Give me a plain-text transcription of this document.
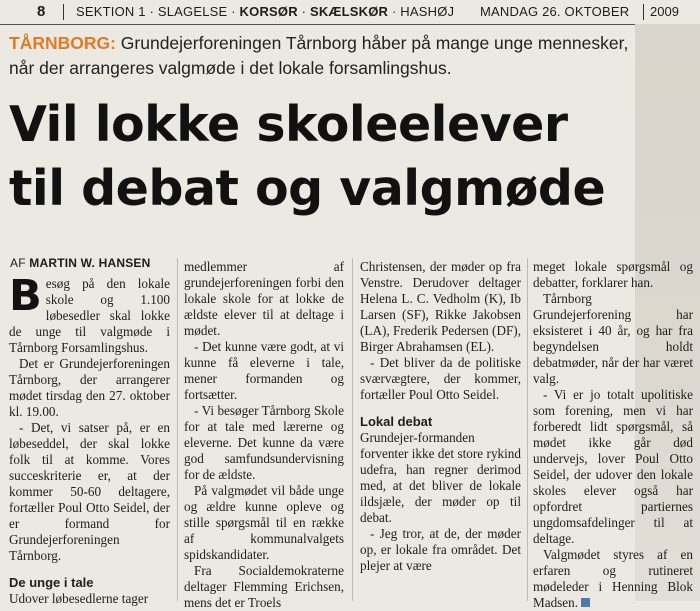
8 SEKTION 1 · SLAGELSE · KORSØR · SKÆLSKØR · HASHØJ MANDAG 26. OKTOBER 2009
TÅRNBORG: Grundejerforeningen Tårnborg håber på mange unge mennesker, når der arrangeres valgmøde i det lokale forsamlingshus.
Vil lokke skoleelever
til debat og valgmøde
AF MARTIN W. HANSEN

Besøg på den lokale skole og 1.100 løbesedler skal lokke de unge til valgmøde i Tårnborg Forsamlingshus.

Det er Grundejerforeningen Tårnborg, der arrangerer mødet tirsdag den 27. oktober kl. 19.00.

- Det, vi satser på, er en løbeseddel, der skal lokke folk til at komme. Vores succeskriterie er, at der kommer 50-60 deltagere, fortæller Poul Otto Seidel, der er formand for Grundejerforeningen Tårnborg.

De unge i tale

Udover løbesedlerne tager

medlemmer af grundejerforeningen forbi den lokale skole for at lokke de ældste elever til at deltage i mødet.

- Det kunne være godt, at vi kunne få eleverne i tale, mener formanden og fortsætter.

- Vi besøger Tårnborg Skole for at tale med lærerne og eleverne. Det kunne da være god samfundsundervisning for de ældste.

På valgmødet vil både unge og ældre kunne opleve og stille spørgsmål til en række af kommunalvalgets spidskandidater.

Fra Socialdemokraterne deltager Flemming Erichsen, mens det er Troels

Christensen, der møder op fra Venstre. Derudover deltager Helena L. C. Vedholm (K), Ib Larsen (SF), Rikke Jakobsen (LA), Frederik Pedersen (DF), Birger Abrahamsen (EL).

- Det bliver da de politiske sværvægtere, der kommer, fortæller Poul Otto Seidel.

Lokal debat

Grundejer-formanden forventer ikke det store rykind udefra, han regner derimod med, at det bliver de lokale ildsjæle, der møder op til debat.

- Jeg tror, at de, der møder op, er lokale fra området. Det plejer at være

meget lokale spørgsmål og debatter, forklarer han.

Tårnborg Grundejerforening har eksisteret i 40 år, og har fra begyndelsen holdt debatmøder, når der har været valg.

- Vi er jo totalt upolitiske som forening, men vi har forberedt lidt spørgsmål, så mødet ikke går død undervejs, lover Poul Otto Seidel, der udover den lokale skoles elever også har opfordret partiernes ungdomsafdelinger til at deltage.

Valgmødet styres af en erfaren og rutineret mødeleder i Henning Blok Madsen.
